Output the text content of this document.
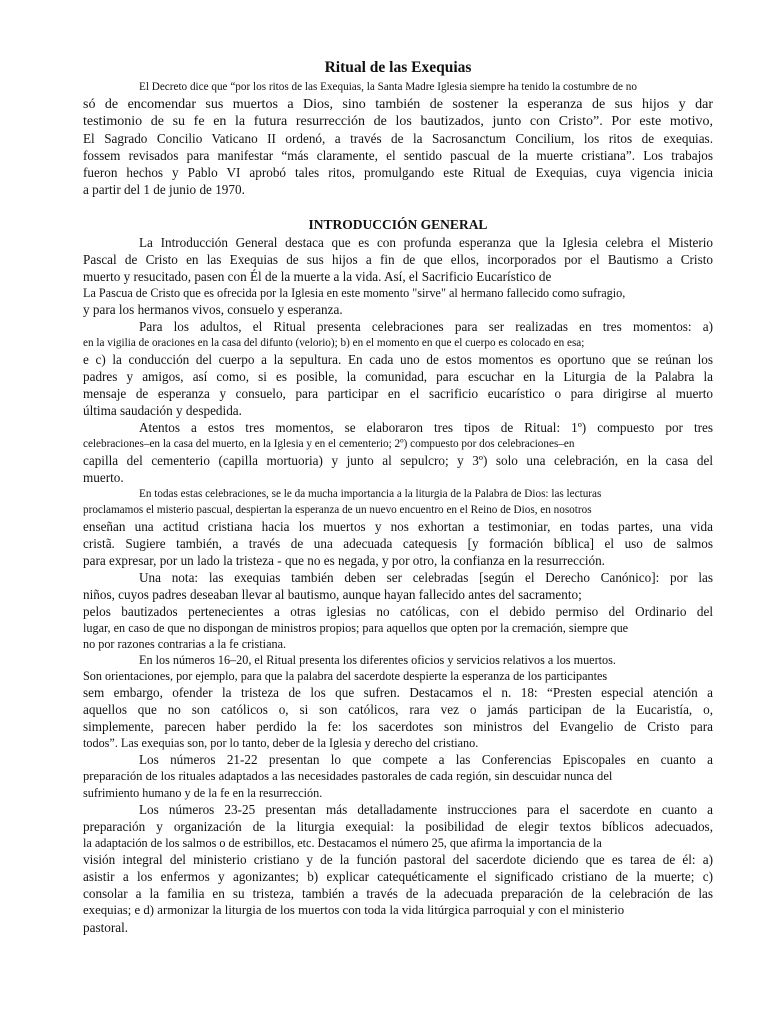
Ritual de las Exequias
El Decreto dice que “por los ritos de las Exequias, la Santa Madre Iglesia siempre ha tenido la costumbre de no
só de encomendar sus muertos a Dios, sino también de sostener la esperanza de sus hijos y dar
testimonio de su fe en la futura resurrección de los bautizados, junto con Cristo”. Por este motivo,
El Sagrado Concilio Vaticano II ordenó, a través de la Sacrosanctum Concilium, los ritos de exequias.
fossem revisados para manifestar “más claramente, el sentido pascual de la muerte cristiana”. Los trabajos
fueron hechos y Pablo VI aprobó tales ritos, promulgando este Ritual de Exequias, cuya vigencia inicia
a partir del 1 de junio de 1970.
INTRODUCCIÓN GENERAL
La Introducción General destaca que es con profunda esperanza que la Iglesia celebra el Misterio
Pascal de Cristo en las Exequias de sus hijos a fin de que ellos, incorporados por el Bautismo a Cristo
muerto y resucitado, pasen con Él de la muerte a la vida. Así, el Sacrificio Eucarístico de
La Pascua de Cristo que es ofrecida por la Iglesia en este momento "sirve" al hermano fallecido como sufragio,
y para los hermanos vivos, consuelo y esperanza.
Para los adultos, el Ritual presenta celebraciones para ser realizadas en tres momentos: a)
en la vigilia de oraciones en la casa del difunto (velorio); b) en el momento en que el cuerpo es colocado en esa;
e c) la conducción del cuerpo a la sepultura. En cada uno de estos momentos es oportuno que se reúnan los
padres y amigos, así como, si es posible, la comunidad, para escuchar en la Liturgia de la Palabra la
mensaje de esperanza y consuelo, para participar en el sacrificio eucarístico o para dirigirse al muerto
última saudación y despedida.
Atentos a estos tres momentos, se elaboraron tres tipos de Ritual: 1º) compuesto por tres
celebraciones–en la casa del muerto, en la Iglesia y en el cementerio; 2º) compuesto por dos celebraciones–en
capilla del cementerio (capilla mortuoria) y junto al sepulcro; y 3º) solo una celebración, en la casa del
muerto.
En todas estas celebraciones, se le da mucha importancia a la liturgia de la Palabra de Dios: las lecturas
proclamamos el misterio pascual, despiertan la esperanza de un nuevo encuentro en el Reino de Dios, en nosotros
enseñan una actitud cristiana hacia los muertos y nos exhortan a testimoniar, en todas partes, una vida
cristã. Sugiere también, a través de una adecuada catequesis [y formación bíblica] el uso de salmos
para expresar, por un lado la tristeza - que no es negada, y por otro, la confianza en la resurrección.
Una nota: las exequias también deben ser celebradas [según el Derecho Canónico]: por las
niños, cuyos padres deseaban llevar al bautismo, aunque hayan fallecido antes del sacramento;
pelos bautizados pertenecientes a otras iglesias no católicas, con el debido permiso del Ordinario del
lugar, en caso de que no dispongan de ministros propios; para aquellos que opten por la cremación, siempre que
no por razones contrarias a la fe cristiana.
En los números 16–20, el Ritual presenta los diferentes oficios y servicios relativos a los muertos.
Son orientaciones, por ejemplo, para que la palabra del sacerdote despierte la esperanza de los participantes
sem embargo, ofender la tristeza de los que sufren. Destacamos el n. 18: “Presten especial atención a
aquellos que no son católicos o, si son católicos, rara vez o jamás participan de la Eucaristía, o,
simplemente, parecen haber perdido la fe: los sacerdotes son ministros del Evangelio de Cristo para
todos”. Las exequias son, por lo tanto, deber de la Iglesia y derecho del cristiano.
Los números 21-22 presentan lo que compete a las Conferencias Episcopales en cuanto a
preparación de los rituales adaptados a las necesidades pastorales de cada región, sin descuidar nunca del
sufrimiento humano y de la fe en la resurrección.
Los números 23-25 presentan más detalladamente instrucciones para el sacerdote en cuanto a
preparación y organización de la liturgia exequial: la posibilidad de elegir textos bíblicos adecuados,
la adaptación de los salmos o de estribillos, etc. Destacamos el número 25, que afirma la importancia de la
visión integral del ministerio cristiano y de la función pastoral del sacerdote diciendo que es tarea de él: a)
asistir a los enfermos y agonizantes; b) explicar catequéticamente el significado cristiano de la muerte; c)
consolar a la familia en su tristeza, también a través de la adecuada preparación de la celebración de las
exequias; e d) armonizar la liturgia de los muertos con toda la vida litúrgica parroquial y con el ministerio
pastoral.
